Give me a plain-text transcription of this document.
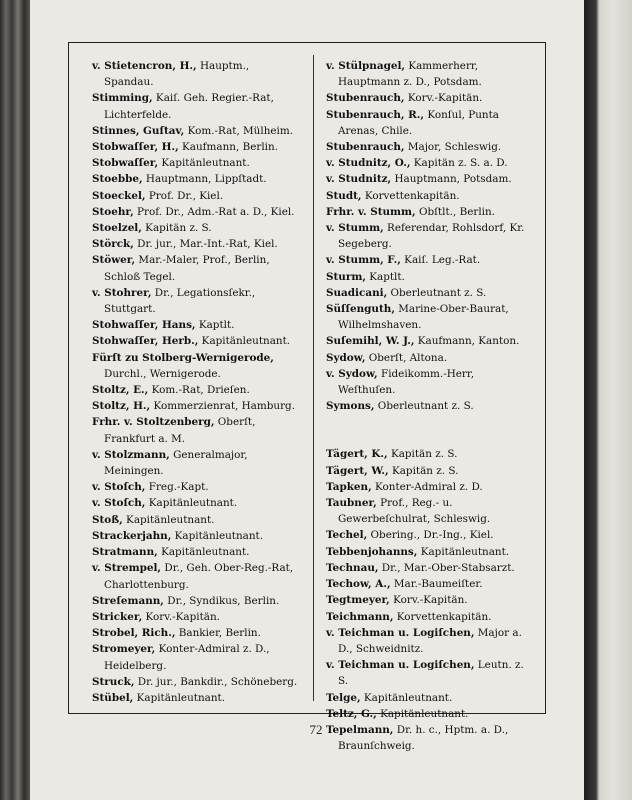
v. Stietencron, H., Hauptm., Spandau.

Stimming, Kaiſ. Geh. Regier.-Rat, Lichterfelde.

Stinnes, Guſtav, Kom.-Rat, Mülheim.

Stobwaſſer, H., Kaufmann, Berlin.

Stobwaſſer, Kapitänleutnant.

Stoebbe, Hauptmann, Lippſtadt.

Stoeckel, Prof. Dr., Kiel.

Stoehr, Prof. Dr., Adm.-Rat a. D., Kiel.

Stoelzel, Kapitän z. S.

Störck, Dr. jur., Mar.-Int.-Rat, Kiel.

Stöwer, Mar.-Maler, Prof., Berlin, Schloß Tegel.

v. Stohrer, Dr., Legationsſekr., Stuttgart.

Stohwaſſer, Hans, Kaptlt.

Stohwaſſer, Herb., Kapitänleutnant.

Fürſt zu Stolberg-Wernigerode, Durchl., Wernigerode.

Stoltz, E., Kom.-Rat, Drieſen.

Stoltz, H., Kommerzienrat, Hamburg.

Frhr. v. Stoltzenberg, Oberſt, Frankfurt a. M.

v. Stolzmann, Generalmajor, Meiningen.

v. Stoſch, Freg.-Kapt.

v. Stoſch, Kapitänleutnant.

Stoß, Kapitänleutnant.

Strackerjahn, Kapitänleutnant.

Stratmann, Kapitänleutnant.

v. Strempel, Dr., Geh. Ober-Reg.-Rat, Charlottenburg.

Streſemann, Dr., Syndikus, Berlin.

Stricker, Korv.-Kapitän.

Strobel, Rich., Bankier, Berlin.

Stromeyer, Konter-Admiral z. D., Heidelberg.

Struck, Dr. jur., Bankdir., Schöneberg.

Stübel, Kapitänleutnant.

v. Stülpnagel, Kammerherr, Hauptmann z. D., Potsdam.

Stubenrauch, Korv.-Kapitän.

Stubenrauch, R., Konſul, Punta Arenas, Chile.

Stubenrauch, Major, Schleswig.

v. Studnitz, O., Kapitän z. S. a. D.

v. Studnitz, Hauptmann, Potsdam.

Studt, Korvettenkapitän.

Frhr. v. Stumm, Obſtlt., Berlin.

v. Stumm, Referendar, Rohlsdorf, Kr. Segeberg.

v. Stumm, F., Kaiſ. Leg.-Rat.

Sturm, Kaptlt.

Suadicani, Oberleutnant z. S.

Süſſenguth, Marine-Ober-Baurat, Wilhelmshaven.

Suſemihl, W. J., Kaufmann, Kanton.

Sydow, Oberſt, Altona.

v. Sydow, Fideikomm.-Herr, Weſthuſen.

Symons, Oberleutnant z. S.

Tägert, K., Kapitän z. S.

Tägert, W., Kapitän z. S.

Tapken, Konter-Admiral z. D.

Taubner, Prof., Reg.- u. Gewerbeſchulrat, Schleswig.

Techel, Obering., Dr.-Ing., Kiel.

Tebbenjohanns, Kapitänleutnant.

Technau, Dr., Mar.-Ober-Stabsarzt.

Techow, A., Mar.-Baumeiſter.

Tegtmeyer, Korv.-Kapitän.

Teichmann, Korvettenkapitän.

v. Teichman u. Logiſchen, Major a. D., Schweidnitz.

v. Teichman u. Logiſchen, Leutn. z. S.

Telge, Kapitänleutnant.

Teltz, G., Kapitänleutnant.

Tepelmann, Dr. h. c., Hptm. a. D., Braunſchweig.

72
